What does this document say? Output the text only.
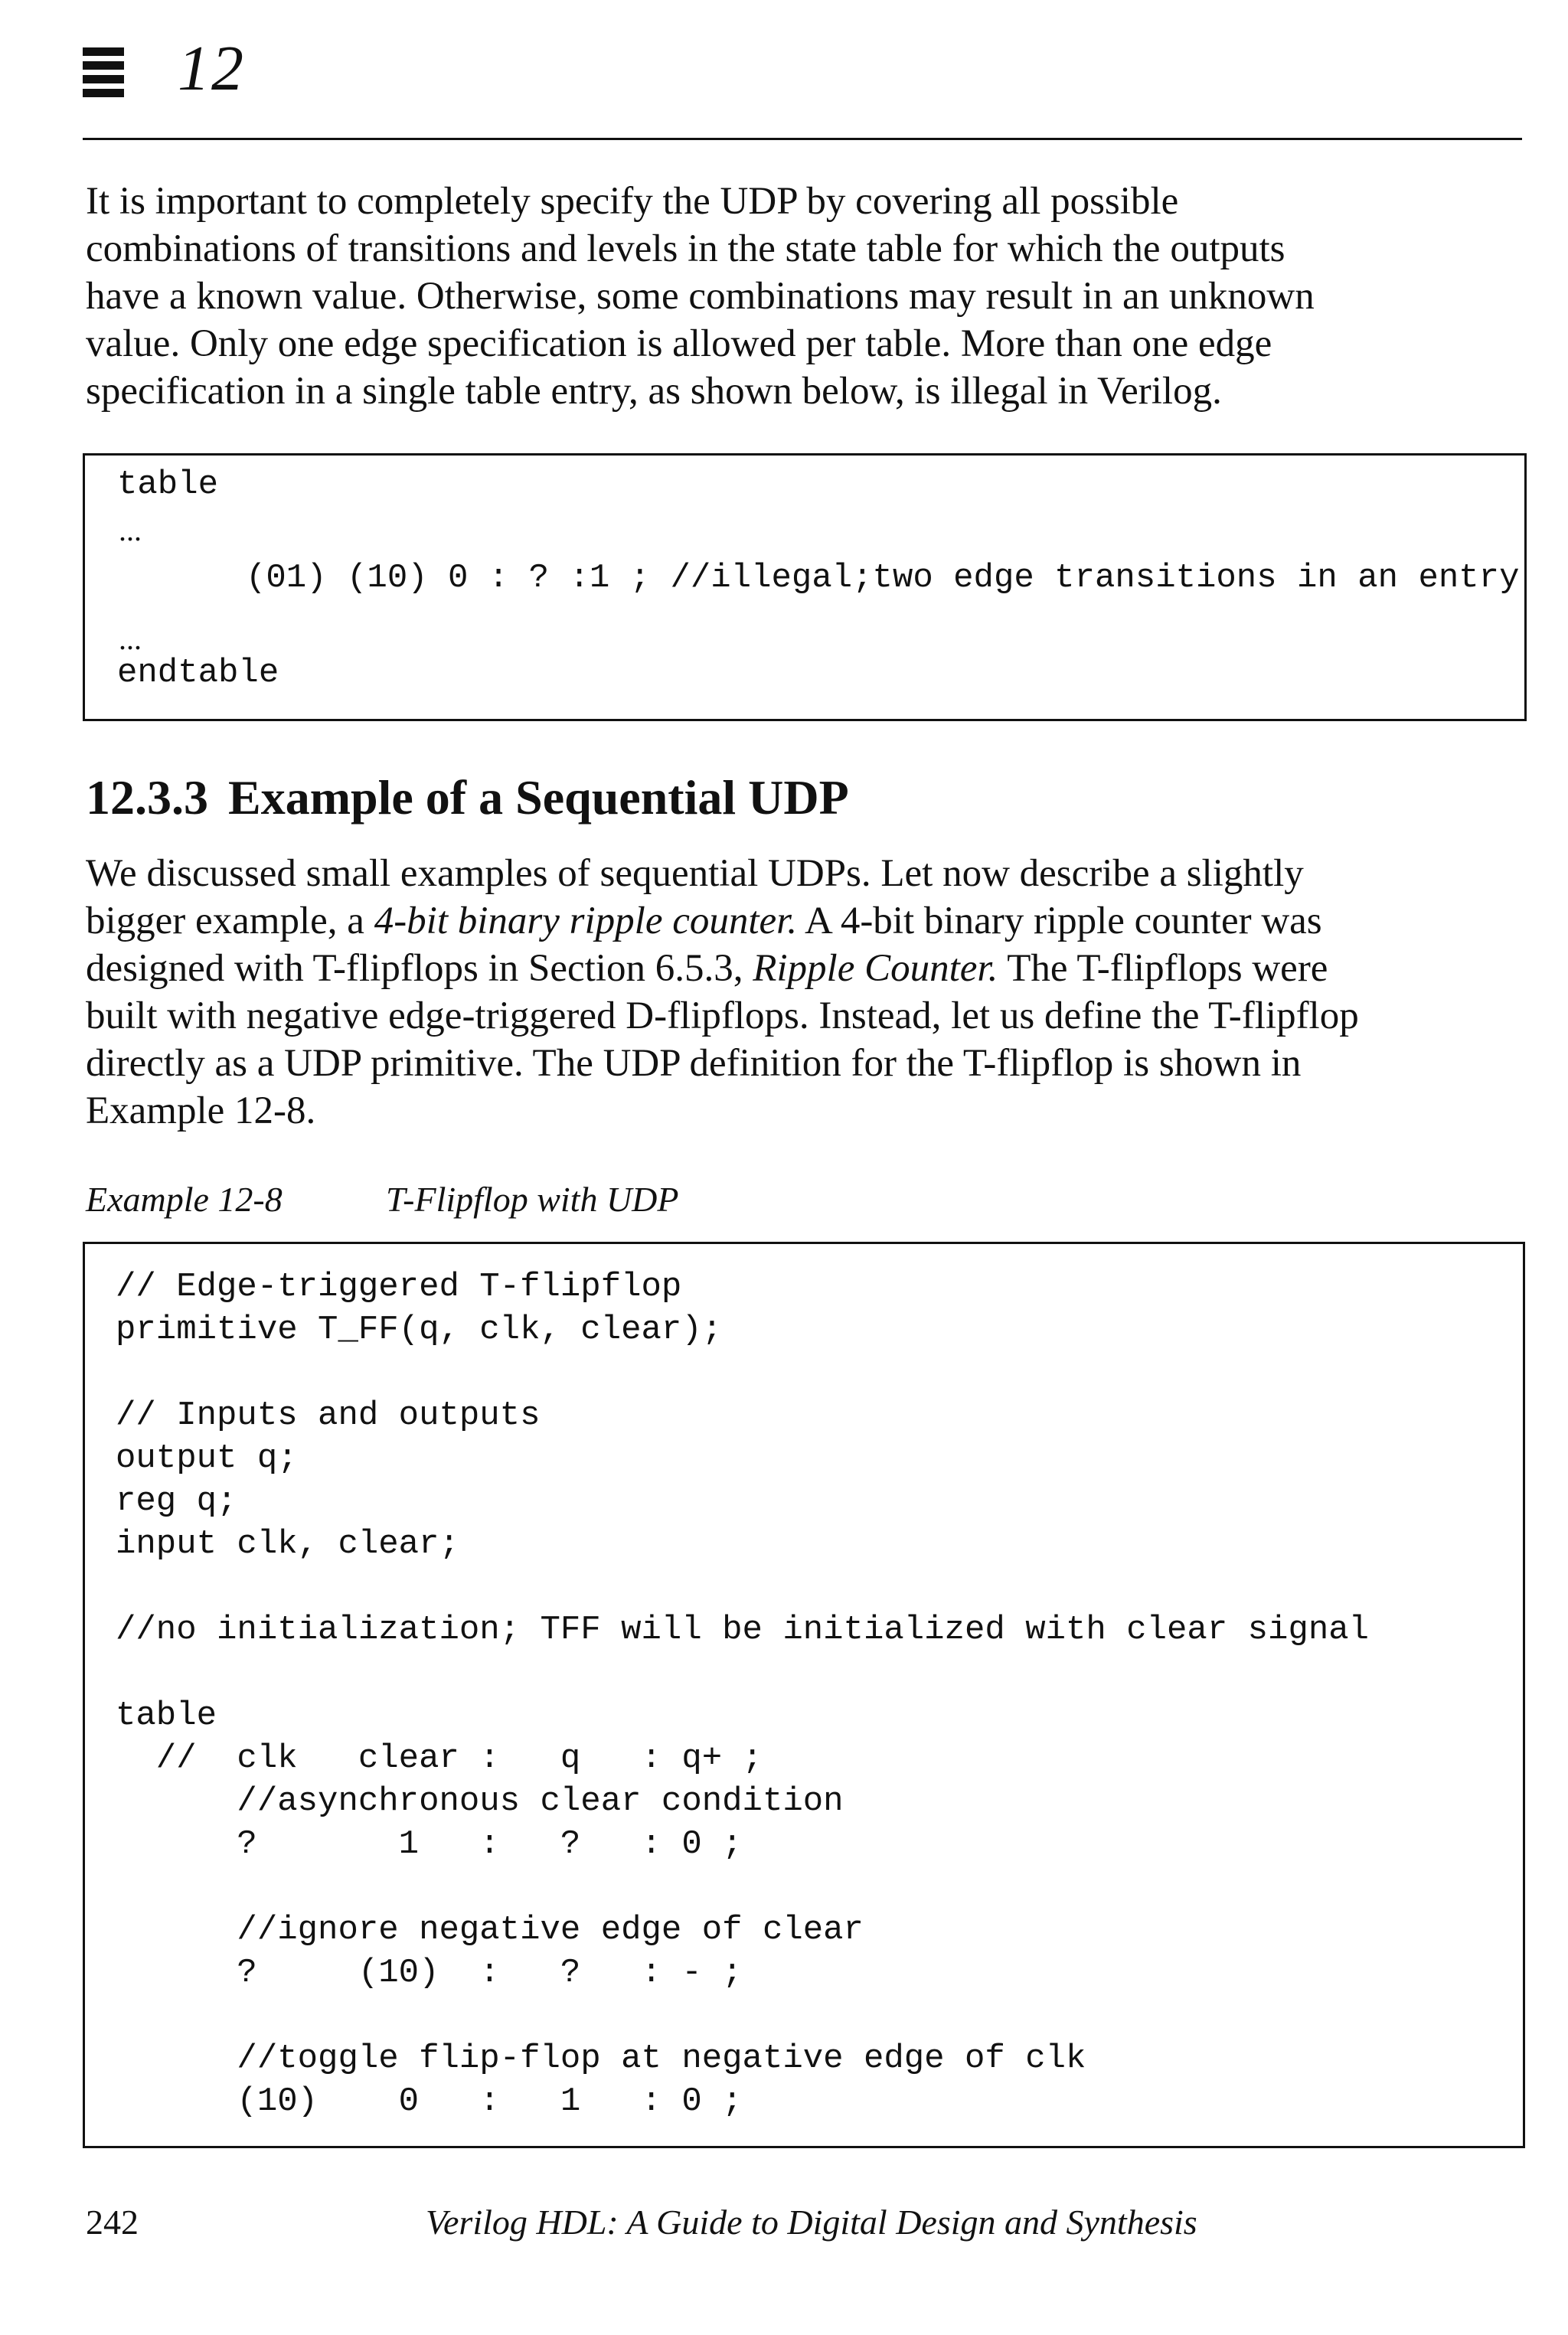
12

It is important to completely specify the UDP by covering all possible

combinations of transitions and levels in the state table for which the outputs

have a known value. Otherwise, some combinations may result in an unknown

value. Only one edge specification is allowed per table. More than one edge

specification in a single table entry, as shown below, is illegal in Verilog.

table
...
(01) (10) 0 : ? :1 ; //illegal;two edge transitions in an entry
...
endtable
12.3.3 Example of a Sequential UDP

We discussed small examples of sequential UDPs. Let now describe a slightly

bigger example, a 4-bit binary ripple counter. A 4-bit binary ripple counter was

designed with T-flipflops in Section 6.5.3, Ripple Counter. The T-flipflops were

built with negative edge-triggered D-flipflops. Instead, let us define the T-flipflop

directly as a UDP primitive. The UDP definition for the T-flipflop is shown in

Example 12-8.

Example 12-8	T-Flipflop with UDP
// Edge-triggered T-flipflop
primitive T_FF(q, clk, clear);
// Inputs and outputs
output q;
reg q;
input clk, clear;
//no initialization; TFF will be initialized with clear signal
table
//  clk   clear :   q   : q+ ;
//asynchronous clear condition
?       1   :   ?   : 0 ;
//ignore negative edge of clear
?     (10)  :   ?   : - ;
//toggle flip-flop at negative edge of clk
(10)    0   :   1   : 0 ;
242	Verilog HDL: A Guide to Digital Design and Synthesis
